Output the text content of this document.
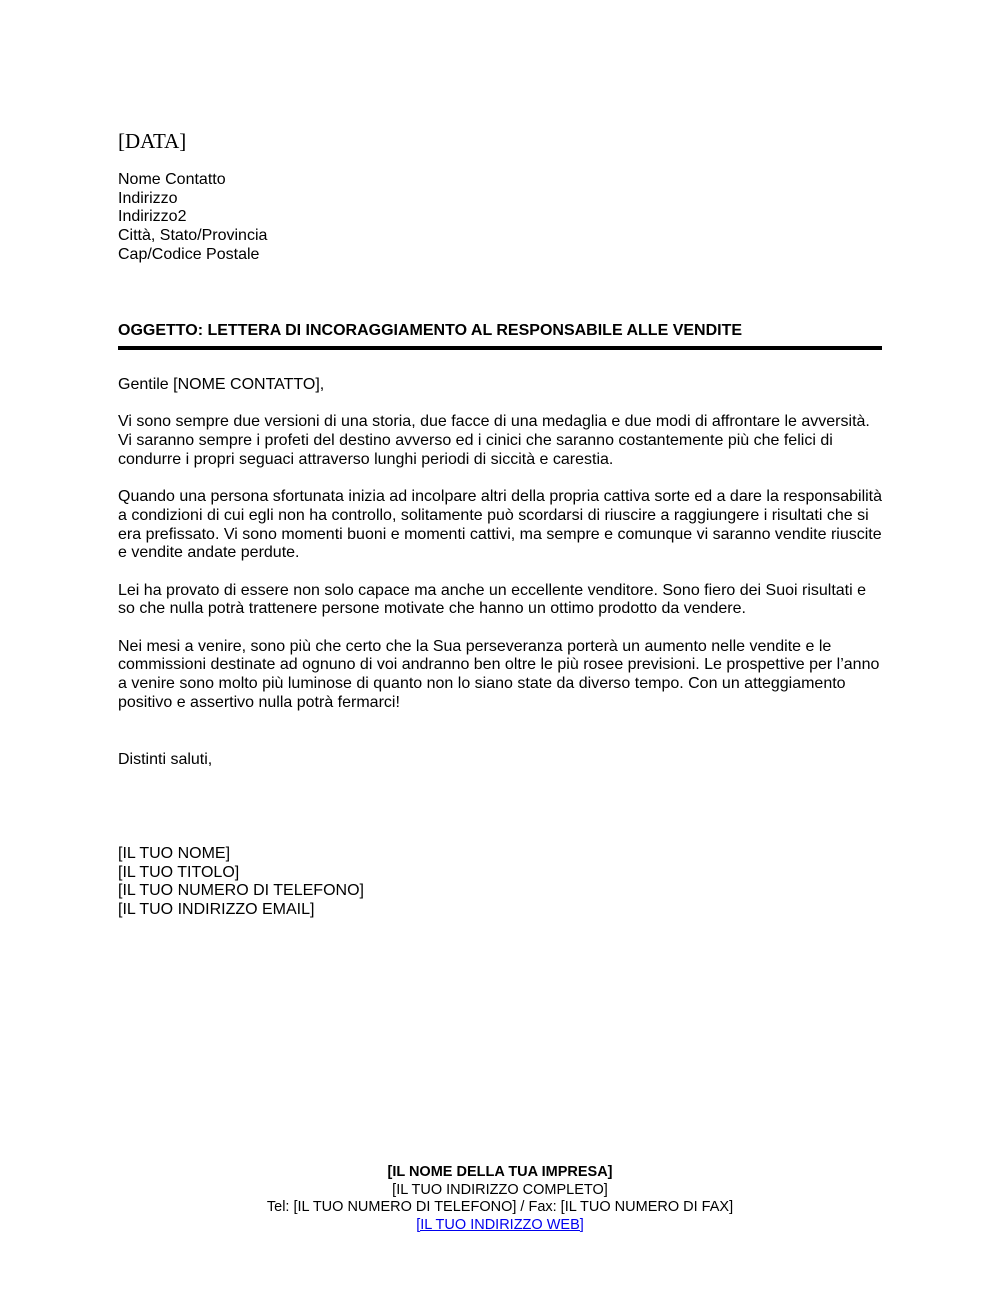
[DATA]
Nome Contatto
Indirizzo
Indirizzo2
Città, Stato/Provincia
Cap/Codice Postale
OGGETTO: LETTERA DI INCORAGGIAMENTO AL RESPONSABILE ALLE VENDITE

Gentile [NOME CONTATTO],

Vi sono sempre due versioni di una storia, due facce di una medaglia e due modi di affrontare le avversità. Vi saranno sempre i profeti del destino avverso ed i cinici che saranno costantemente più che felici di condurre i propri seguaci attraverso lunghi periodi di siccità e carestia.

Quando una persona sfortunata inizia ad incolpare altri della propria cattiva sorte ed a dare la responsabilità a condizioni di cui egli non ha controllo, solitamente può scordarsi di riuscire a raggiungere i risultati che si era prefissato. Vi sono momenti buoni e momenti cattivi, ma sempre e comunque vi saranno vendite riuscite e vendite andate perdute.

Lei ha provato di essere non solo capace ma anche un eccellente venditore. Sono fiero dei Suoi risultati e so che nulla potrà trattenere persone motivate che hanno un ottimo prodotto da vendere.

Nei mesi a venire, sono più che certo che la Sua perseveranza porterà un aumento nelle vendite e le commissioni destinate ad ognuno di voi andranno ben oltre le più rosee previsioni. Le prospettive per l’anno a venire sono molto più luminose di quanto non lo siano state da diverso tempo. Con un atteggiamento positivo e assertivo nulla potrà fermarci!

Distinti saluti,
[IL TUO NOME]
[IL TUO TITOLO]
[IL TUO NUMERO DI TELEFONO]
[IL TUO INDIRIZZO EMAIL]
[IL NOME DELLA TUA IMPRESA]
[IL TUO INDIRIZZO COMPLETO]
Tel: [IL TUO NUMERO DI TELEFONO] / Fax: [IL TUO NUMERO DI FAX]
[IL TUO INDIRIZZO WEB]
